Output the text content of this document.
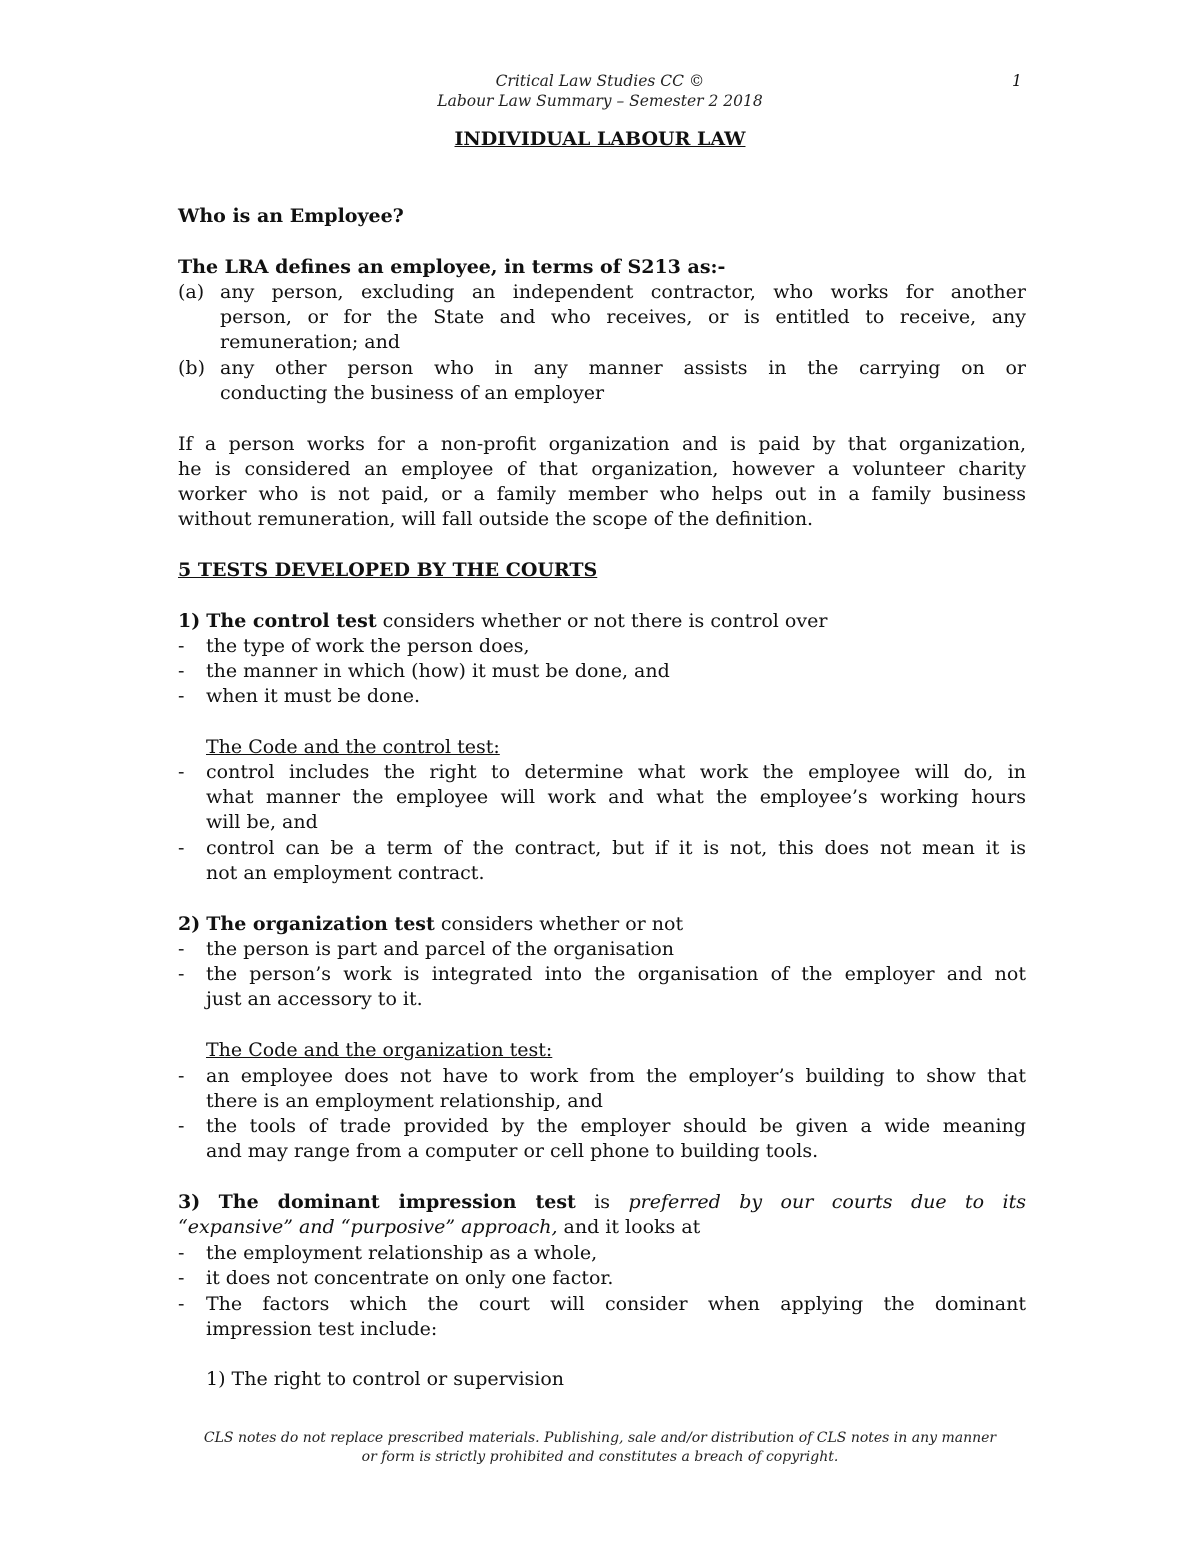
Critical Law Studies CC ©
Labour Law Summary – Semester 2 2018
1
INDIVIDUAL LABOUR LAW
Who is an Employee?
The LRA defines an employee, in terms of S213 as:-
(a) any person, excluding an independent contractor, who works for another
person, or for the State and who receives, or is entitled to receive, any
remuneration; and
(b) any other person who in any manner assists in the carrying on or
conducting the business of an employer
If a person works for a non-profit organization and is paid by that organization,
he is considered an employee of that organization, however a volunteer charity
worker who is not paid, or a family member who helps out in a family business
without remuneration, will fall outside the scope of the definition.
5 TESTS DEVELOPED BY THE COURTS
1) The control test considers whether or not there is control over
- the type of work the person does,
- the manner in which (how) it must be done, and
- when it must be done.
The Code and the control test:
- control includes the right to determine what work the employee will do, in
what manner the employee will work and what the employee’s working hours
will be, and
- control can be a term of the contract, but if it is not, this does not mean it is
not an employment contract.
2) The organization test considers whether or not
- the person is part and parcel of the organisation
- the person’s work is integrated into the organisation of the employer and not
just an accessory to it.
The Code and the organization test:
- an employee does not have to work from the employer’s building to show that
there is an employment relationship, and
- the tools of trade provided by the employer should be given a wide meaning
and may range from a computer or cell phone to building tools.
3) The dominant impression test is preferred by our courts due to its
“expansive” and “purposive” approach, and it looks at
- the employment relationship as a whole,
- it does not concentrate on only one factor.
- The factors which the court will consider when applying the dominant
impression test include:
1) The right to control or supervision
CLS notes do not replace prescribed materials. Publishing, sale and/or distribution of CLS notes in any manner
or form is strictly prohibited and constitutes a breach of copyright.
